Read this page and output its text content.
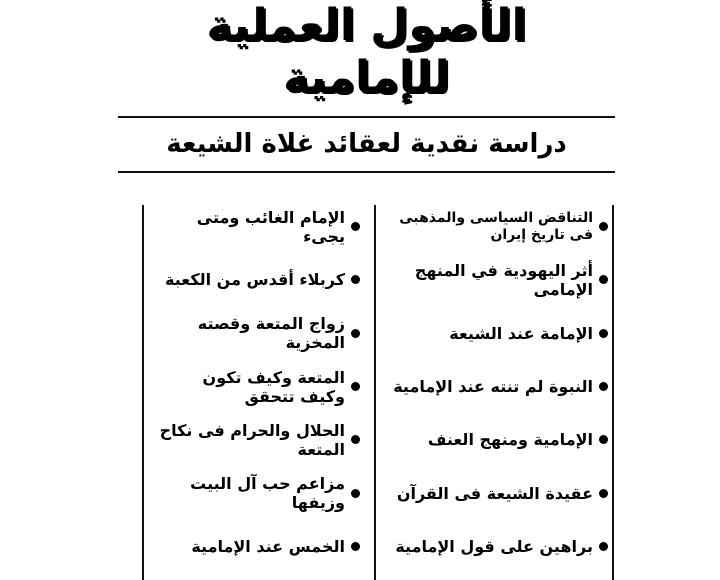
الأصول العملية للإمامية
دراسة نقدية لعقائد غلاة الشيعة
التناقض السياسى والمذهبى فى تاريخ إيران
أثر اليهودية في المنهج الإمامى
الإمامة عند الشيعة
النبوة لم تنته عند الإمامية
الإمامية ومنهج العنف
عقيدة الشيعة فى القرآن
براهين على قول الإمامية
الإمام الغائب ومتى يجىء
كربلاء أقدس من الكعبة
زواج المتعة وقصته المخزية
المتعة وكيف تكون وكيف تتحقق
الحلال والحرام فى نكاح المتعة
مزاعم حب آل البيت وزيفها
الخمس عند الإمامية
